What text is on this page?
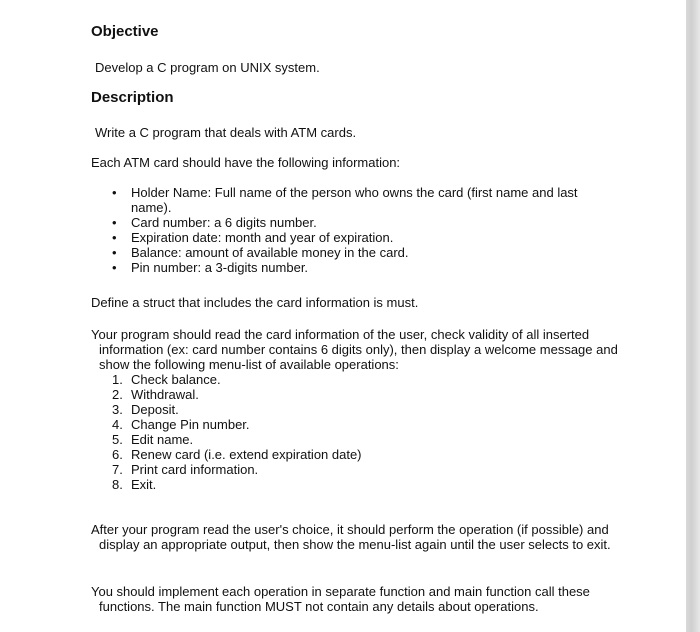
Objective

Develop a C program on UNIX system.

Description

Write a C program that deals with ATM cards.

Each ATM card should have the following information:

• Holder Name: Full name of the person who owns the card (first name and last name).
• Card number: a 6 digits number.
• Expiration date: month and year of expiration.
• Balance: amount of available money in the card.
• Pin number: a 3-digits number.

Define a struct that includes the card information is must.

Your program should read the card information of the user, check validity of all inserted information (ex: card number contains 6 digits only), then display a welcome message and show the following menu-list of available operations:

1. Check balance.
2. Withdrawal.
3. Deposit.
4. Change Pin number.
5. Edit name.
6. Renew card (i.e. extend expiration date)
7. Print card information.
8. Exit.

After your program read the user's choice, it should perform the operation (if possible) and display an appropriate output, then show the menu-list again until the user selects to exit.

You should implement each operation in separate function and main function call these functions. The main function MUST not contain any details about operations.
